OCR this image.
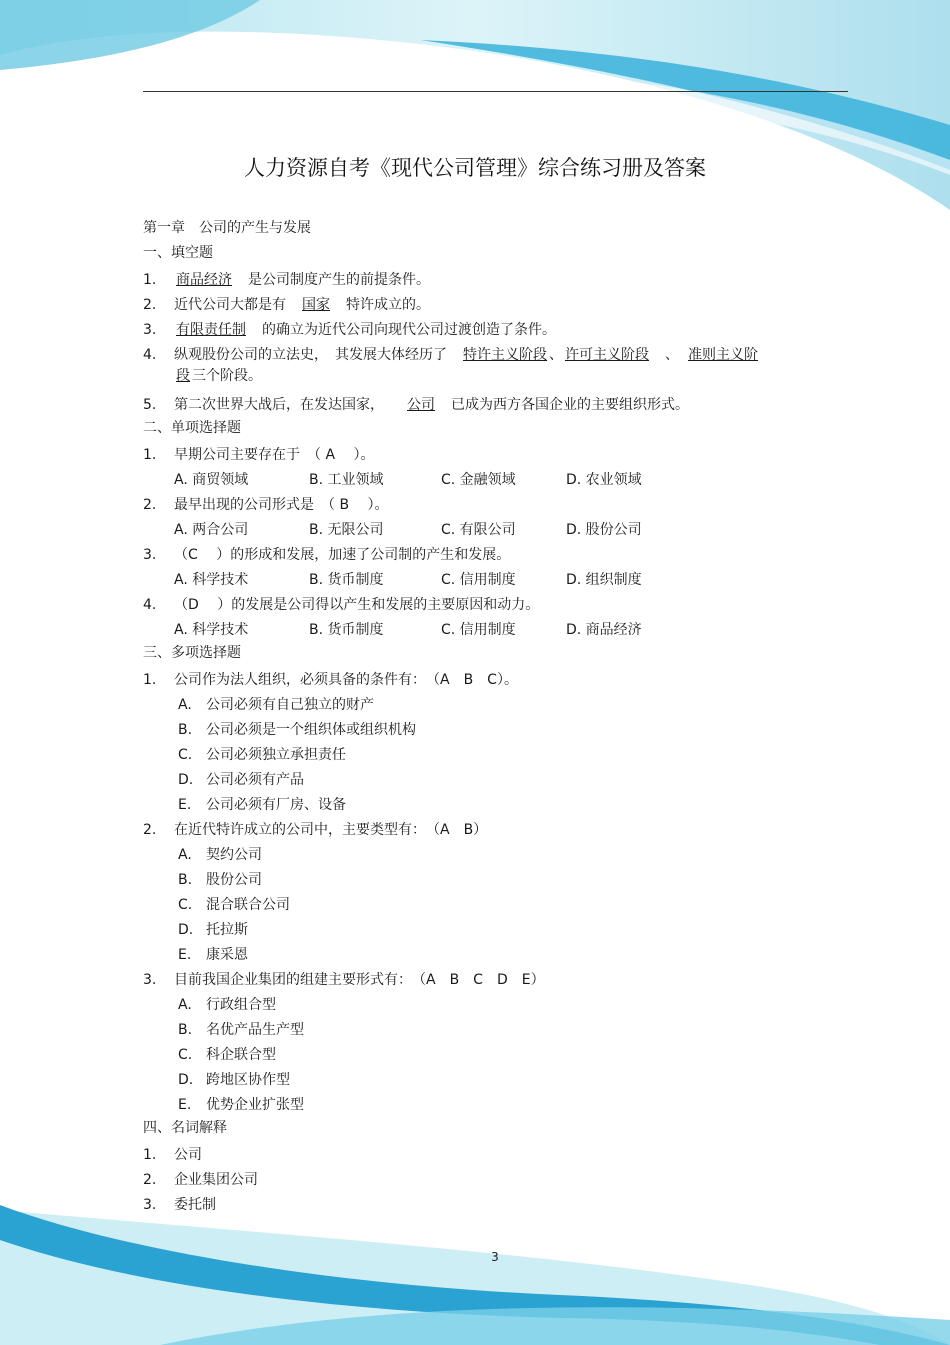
人力资源自考《现代公司管理》综合练习册及答案
第一章　公司的产生与发展
一、填空题
1. 商品经济　 是公司制度产生的前提条件。
2. 近代公司大都是有　 国家　 特许成立的。
3. 有限责任制　 的确立为近代公司向现代公司过渡创造了条件。
4. 纵观股份公司的立法史，　其发展大体经历了　 特许主义阶段 、 许可主义阶段　 、　 准则主义阶
段 三个阶段。
5. 第二次世界大战后，在发达国家，　　 公司　 已成为西方各国企业的主要组织形式。
二、单项选择题
1. 早期公司主要存在于　（ A　 ）。
A. 商贸领域	B. 工业领域	C. 金融领域	D. 农业领域
2. 最早出现的公司形式是　（ B　 ）。
A. 两合公司	B. 无限公司	C. 有限公司	D. 股份公司
3. （C　 ）的形成和发展，加速了公司制的产生和发展。
A. 科学技术	B. 货币制度	C. 信用制度	D. 组织制度
4. （D　 ）的发展是公司得以产生和发展的主要原因和动力。
A. 科学技术	B. 货币制度	C. 信用制度	D. 商品经济
三、多项选择题
1. 公司作为法人组织，必须具备的条件有：　（A　B　C）。
A. 公司必须有自己独立的财产
B. 公司必须是一个组织体或组织机构
C. 公司必须独立承担责任
D. 公司必须有产品
E. 公司必须有厂房、设备
2. 在近代特许成立的公司中，主要类型有：　（A　B）
A. 契约公司
B. 股份公司
C. 混合联合公司
D. 托拉斯
E. 康采恩
3. 目前我国企业集团的组建主要形式有：　（A　B　C　D　E）
A. 行政组合型
B. 名优产品生产型
C. 科企联合型
D. 跨地区协作型
E. 优势企业扩张型
四、名词解释
1. 公司
2. 企业集团公司
3. 委托制
3
